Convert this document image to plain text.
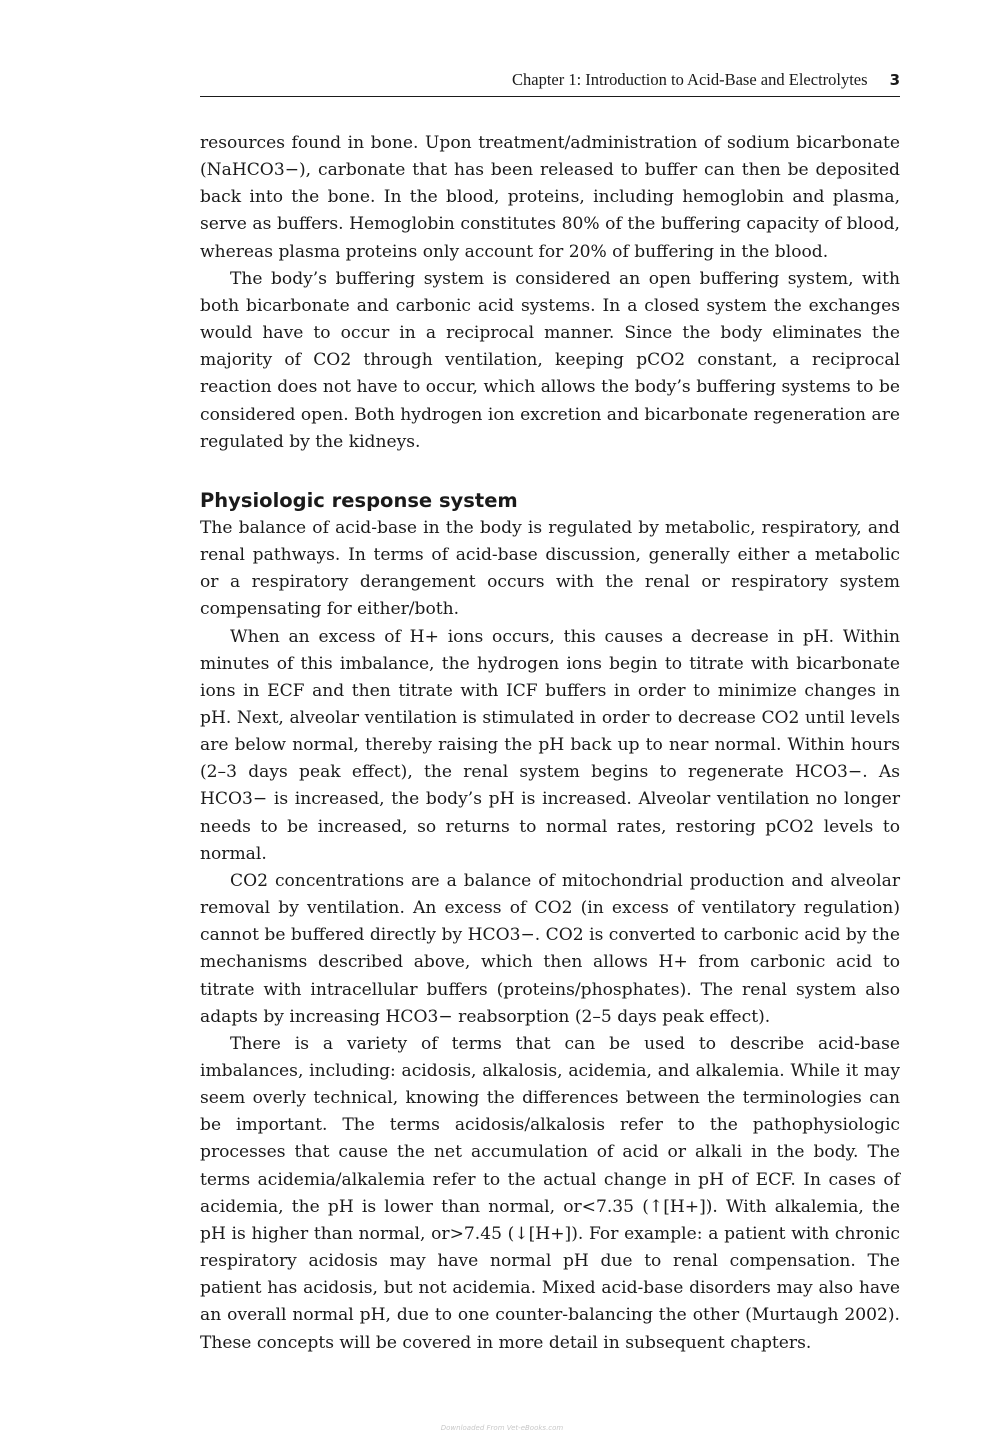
Chapter 1: Introduction to Acid-Base and Electrolytes 3

resources found in bone. Upon treatment/administration of sodium bicarbonate (NaHCO3−), carbonate that has been released to buffer can then be deposited back into the bone. In the blood, proteins, including hemoglobin and plasma, serve as buffers. Hemoglobin constitutes 80% of the buffering capacity of blood, whereas plasma proteins only account for 20% of buffering in the blood.

The body’s buffering system is considered an open buffering system, with both bicarbonate and carbonic acid systems. In a closed system the exchanges would have to occur in a reciprocal manner. Since the body eliminates the majority of CO2 through ventilation, keeping pCO2 constant, a reciprocal reaction does not have to occur, which allows the body’s buffering systems to be considered open. Both hydrogen ion excretion and bicarbonate regeneration are regulated by the kidneys.

Physiologic response system

The balance of acid-base in the body is regulated by metabolic, respiratory, and renal pathways. In terms of acid-base discussion, generally either a metabolic or a respiratory derangement occurs with the renal or respiratory system compensating for either/both.

When an excess of H+ ions occurs, this causes a decrease in pH. Within minutes of this imbalance, the hydrogen ions begin to titrate with bicarbonate ions in ECF and then titrate with ICF buffers in order to minimize changes in pH. Next, alveolar ventilation is stimulated in order to decrease CO2 until levels are below normal, thereby raising the pH back up to near normal. Within hours (2–3 days peak effect), the renal system begins to regenerate HCO3−. As HCO3− is increased, the body’s pH is increased. Alveolar ventilation no longer needs to be increased, so returns to normal rates, restoring pCO2 levels to normal.

CO2 concentrations are a balance of mitochondrial production and alveolar removal by ventilation. An excess of CO2 (in excess of ventilatory regulation) cannot be buffered directly by HCO3−. CO2 is converted to carbonic acid by the mechanisms described above, which then allows H+ from carbonic acid to titrate with intracellular buffers (proteins/phosphates). The renal system also adapts by increasing HCO3− reabsorption (2–5 days peak effect).

There is a variety of terms that can be used to describe acid-base imbalances, including: acidosis, alkalosis, acidemia, and alkalemia. While it may seem overly technical, knowing the differences between the terminologies can be important. The terms acidosis/alkalosis refer to the pathophysiologic processes that cause the net accumulation of acid or alkali in the body. The terms acidemia/alkalemia refer to the actual change in pH of ECF. In cases of acidemia, the pH is lower than normal, or<7.35 (↑[H+]). With alkalemia, the pH is higher than normal, or>7.45 (↓[H+]). For example: a patient with chronic respiratory acidosis may have normal pH due to renal compensation. The patient has acidosis, but not acidemia. Mixed acid-base disorders may also have an overall normal pH, due to one counter-balancing the other (Murtaugh 2002). These concepts will be covered in more detail in subsequent chapters.

Downloaded From Vet-eBooks.com
